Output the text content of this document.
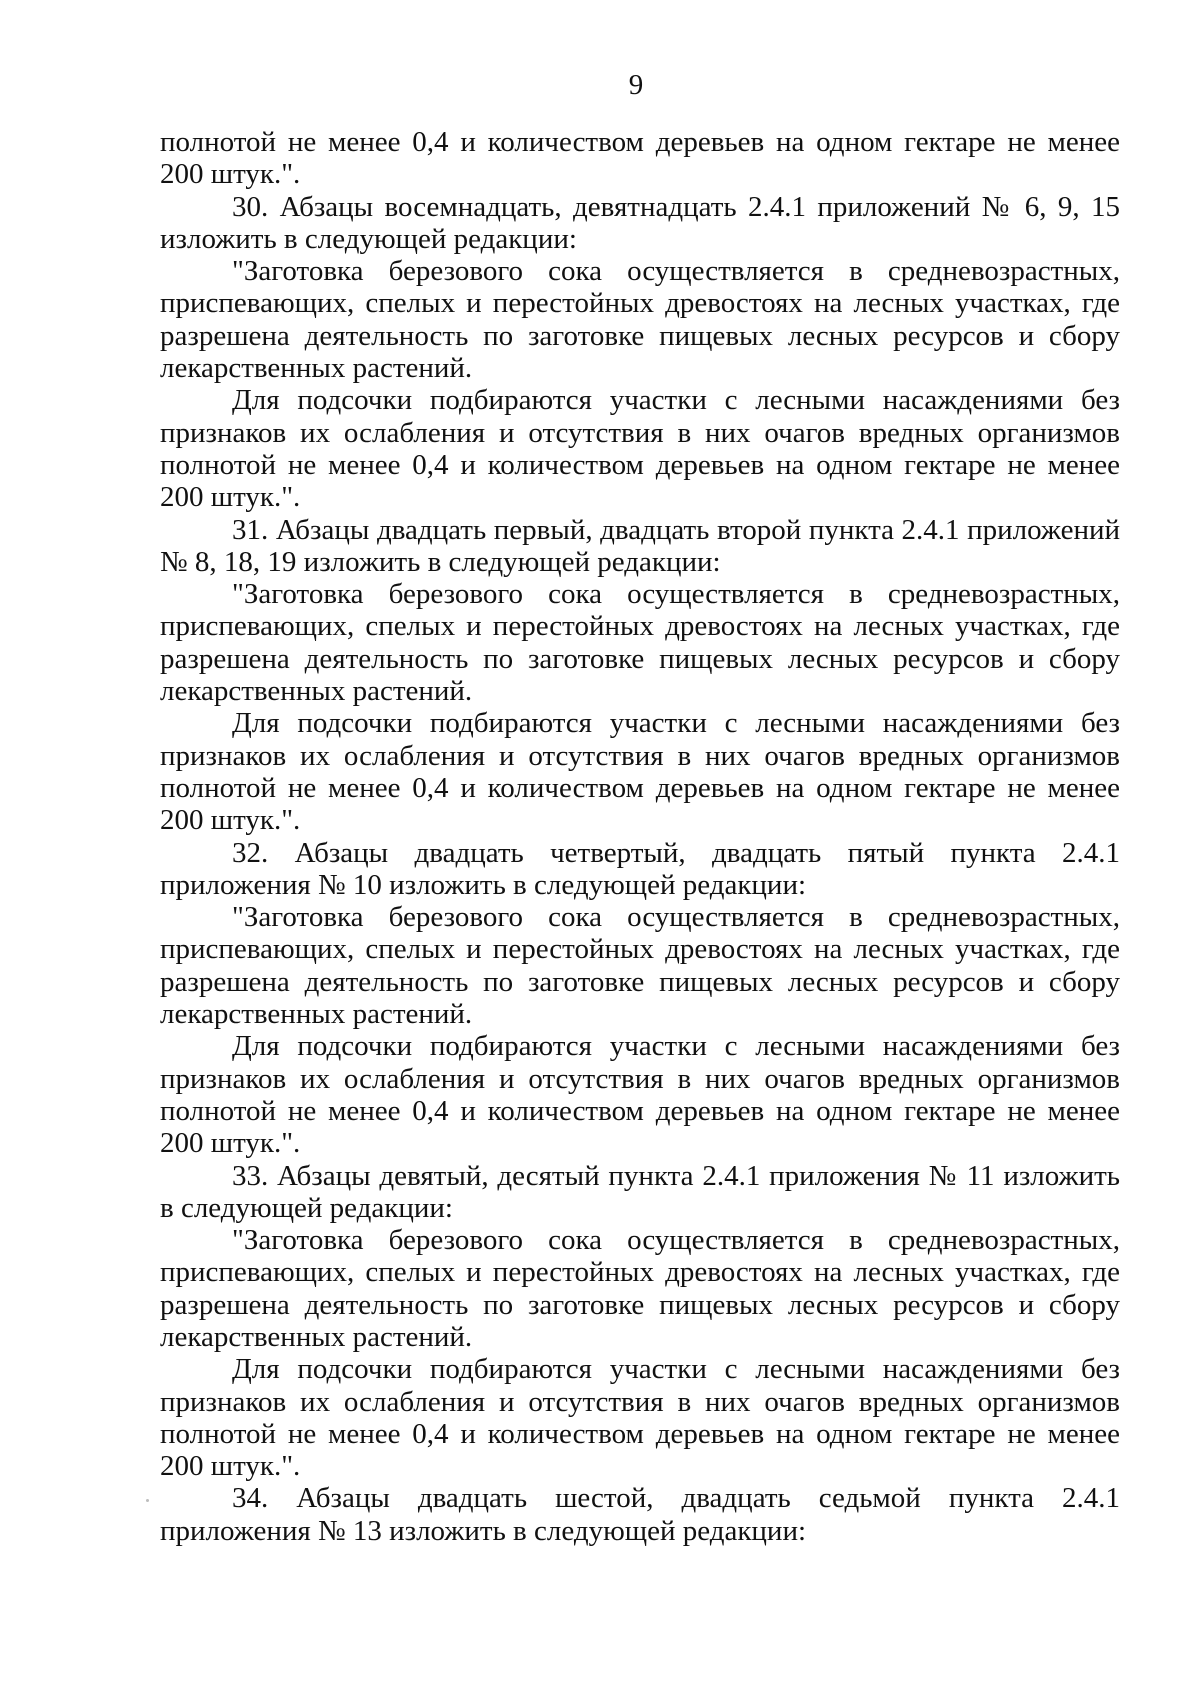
9

полнотой не менее 0,4 и количеством деревьев на одном гектаре не менее 200 штук.".

30. Абзацы восемнадцать, девятнадцать 2.4.1 приложений № 6, 9, 15 изложить в следующей редакции:

"Заготовка березового сока осуществляется в средневозрастных, приспевающих, спелых и перестойных древостоях на лесных участках, где разрешена деятельность по заготовке пищевых лесных ресурсов и сбору лекарственных растений.

Для подсочки подбираются участки с лесными насаждениями без признаков их ослабления и отсутствия в них очагов вредных организмов полнотой не менее 0,4 и количеством деревьев на одном гектаре не менее 200 штук.".

31. Абзацы двадцать первый, двадцать второй пункта 2.4.1 приложений № 8, 18, 19 изложить в следующей редакции:

"Заготовка березового сока осуществляется в средневозрастных, приспевающих, спелых и перестойных древостоях на лесных участках, где разрешена деятельность по заготовке пищевых лесных ресурсов и сбору лекарственных растений.

Для подсочки подбираются участки с лесными насаждениями без признаков их ослабления и отсутствия в них очагов вредных организмов полнотой не менее 0,4 и количеством деревьев на одном гектаре не менее 200 штук.".

32. Абзацы двадцать четвертый, двадцать пятый пункта 2.4.1 приложения № 10 изложить в следующей редакции:

"Заготовка березового сока осуществляется в средневозрастных, приспевающих, спелых и перестойных древостоях на лесных участках, где разрешена деятельность по заготовке пищевых лесных ресурсов и сбору лекарственных растений.

Для подсочки подбираются участки с лесными насаждениями без признаков их ослабления и отсутствия в них очагов вредных организмов полнотой не менее 0,4 и количеством деревьев на одном гектаре не менее 200 штук.".

33. Абзацы девятый, десятый пункта 2.4.1 приложения № 11 изложить в следующей редакции:

"Заготовка березового сока осуществляется в средневозрастных, приспевающих, спелых и перестойных древостоях на лесных участках, где разрешена деятельность по заготовке пищевых лесных ресурсов и сбору лекарственных растений.

Для подсочки подбираются участки с лесными насаждениями без признаков их ослабления и отсутствия в них очагов вредных организмов полнотой не менее 0,4 и количеством деревьев на одном гектаре не менее 200 штук.".

34. Абзацы двадцать шестой, двадцать седьмой пункта 2.4.1 приложения № 13 изложить в следующей редакции:
